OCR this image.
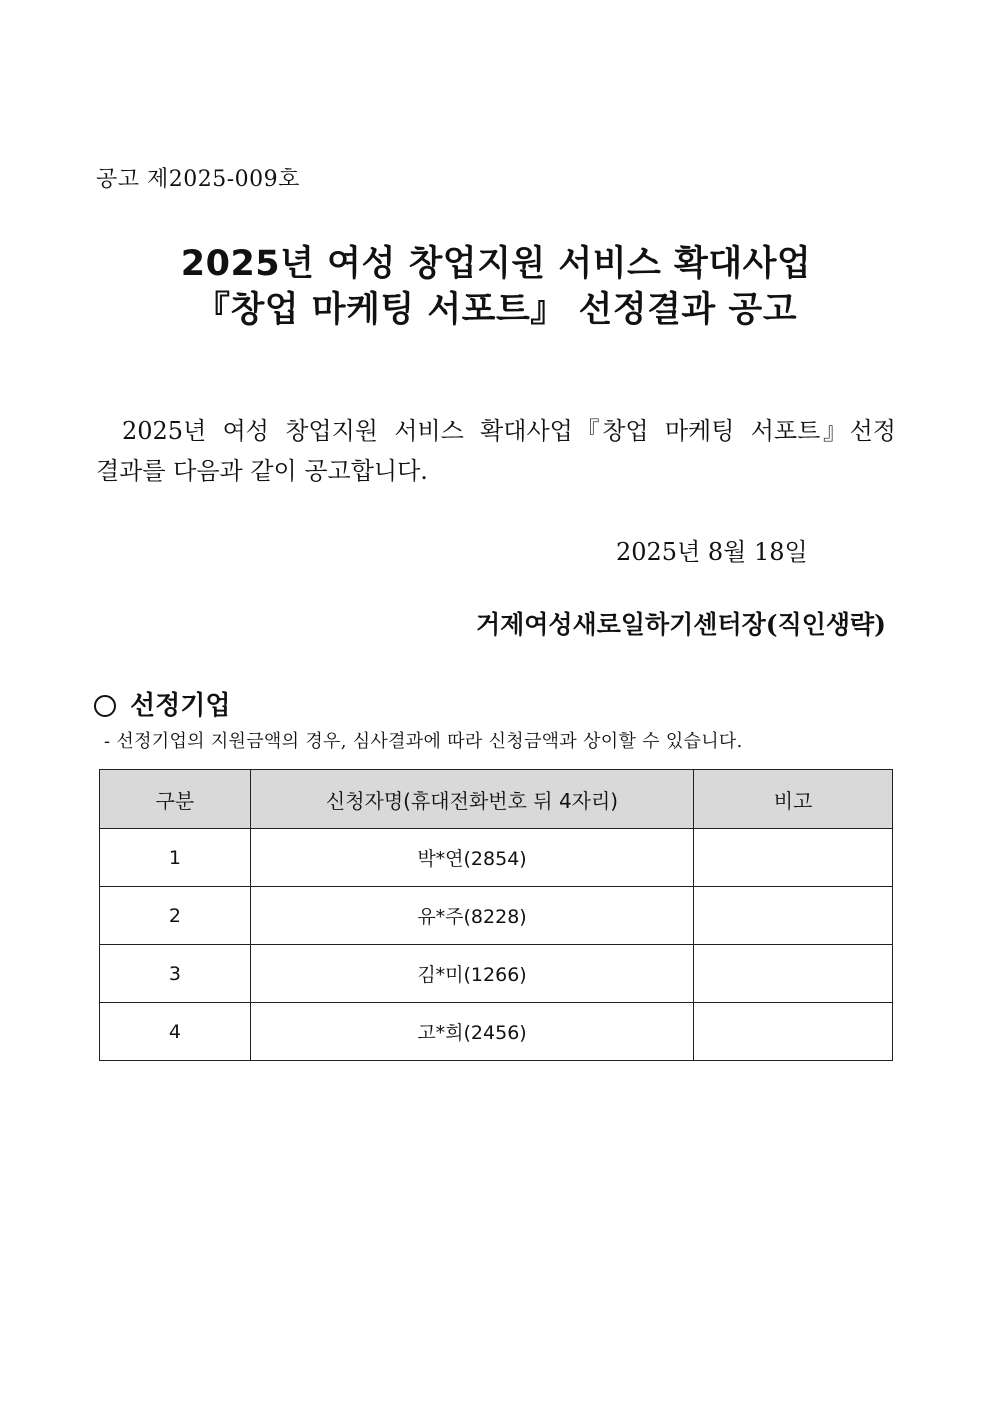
공고 제2025-009호
2025년 여성 창업지원 서비스 확대사업
『창업 마케팅 서포트』 선정결과 공고
2025년 여성 창업지원 서비스 확대사업『창업 마케팅 서포트』선정
결과를 다음과 같이 공고합니다.
2025년 8월 18일
거제여성새로일하기센터장(직인생략)
선정기업
- 선정기업의 지원금액의 경우, 심사결과에 따라 신청금액과 상이할 수 있습니다.
구분	신청자명(휴대전화번호 뒤 4자리)	비고
1	박*연(2854)	
2	유*주(8228)	
3	김*미(1266)	
4	고*희(2456)	
